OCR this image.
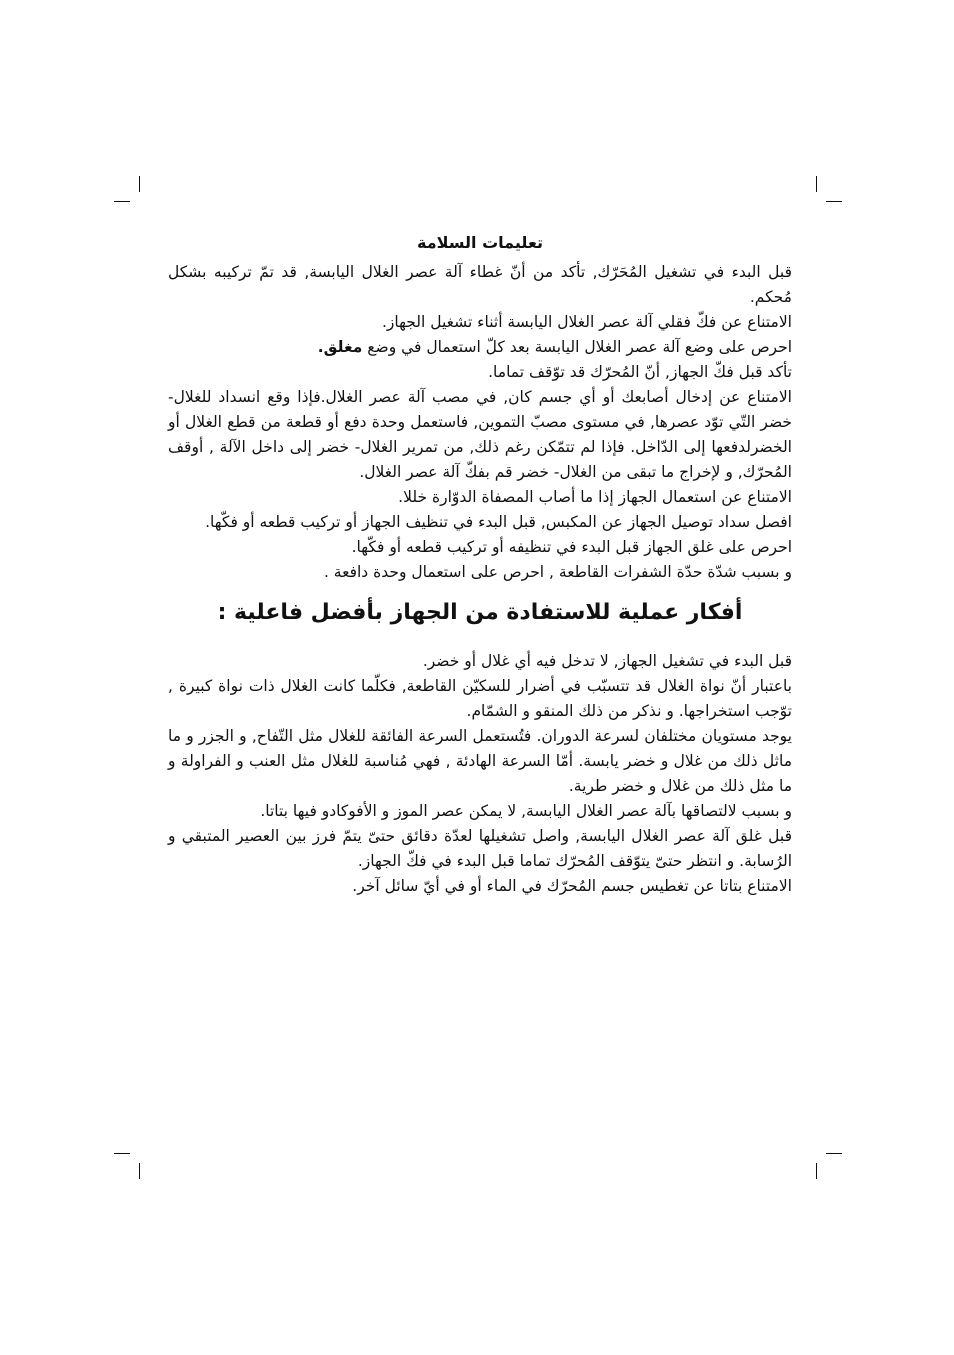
تعليمات السلامة

قبل البدء في تشغيل المُحَرّك, تأكد من أنّ غطاء آلة عصر الغلال اليابسة, قد تمّ تركيبه بشكل مُحكم.

الامتناع عن فكّ فقلي آلة عصر الغلال اليابسة أثناء تشغيل الجهاز.

احرص على وضع آلة عصر الغلال اليابسة بعد كلّ استعمال في وضع مغلق.

تأكد قبل فكّ الجهاز, أنّ المُحرّك قد توّقف تماما.

الامتناع عن إدخال أصابعك أو أي جسم كان, في مصب آلة عصر الغلال.فإذا وقع انسداد للغلال- خضر التّي توّد عصرها, في مستوى مصبّ التموين, فاستعمل وحدة دفع أو قطعة من قطع الغلال أو الخضرلدفعها إلى الدّاخل. فإذا لم تتمّكن رغم ذلك, من تمرير الغلال- خضر إلى داخل الآلة , أوقف المُحرّك, و لإخراج ما تبقى من الغلال- خضر قم بفكّ آلة عصر الغلال.

الامتناع عن استعمال الجهاز إذا ما أصاب المصفاة الدوّارة خللا.

افصل سداد توصيل الجهاز عن المكبس, قبل البدء في تنظيف الجهاز أو تركيب قطعه أو فكّها.

احرص على غلق الجهاز قبل البدء في تنظيفه أو تركيب قطعه أو فكّها.

و بسبب شدّة حدّة الشفرات القاطعة , احرص على استعمال وحدة دافعة .

أفكار عملية للاستفادة من الجهاز بأفضل فاعلية :

قبل البدء في تشغيل الجهاز, لا تدخل فيه أي غلال أو خضر.

باعتبار أنّ نواة الغلال قد تتسبّب في أضرار للسكيّن القاطعة, فكلّما كانت الغلال ذات نواة كبيرة , توّجب استخراجها. و نذكر من ذلك المنقو و الشمّام.

يوجد مستويان مختلفان لسرعة الدوران. فتُستعمل السرعة الفائقة للغلال مثل التّفاح, و الجزر و ما ماثل ذلك من غلال و خضر يابسة. أمّا السرعة الهادئة , فهي مُناسبة للغلال مثل العنب و الفراولة و ما مثل ذلك من غلال و خضر طرية.

و بسبب لالتصاقها بآلة عصر الغلال اليابسة, لا يمكن عصر الموز و الأفوكادو فيها بتاتا.

قبل غلق آلة عصر الغلال اليابسة, واصل تشغيلها لعدّة دقائق حتىّ يتمّ فرز بين العصير المتبقي و الرُسابة. و انتظر حتىّ يتوّقف المُحرّك تماما قبل البدء في فكّ الجهاز.

الامتناع بتاتا عن تغطيس جسم المُحرّك في الماء أو في أيّ سائل آخر.
